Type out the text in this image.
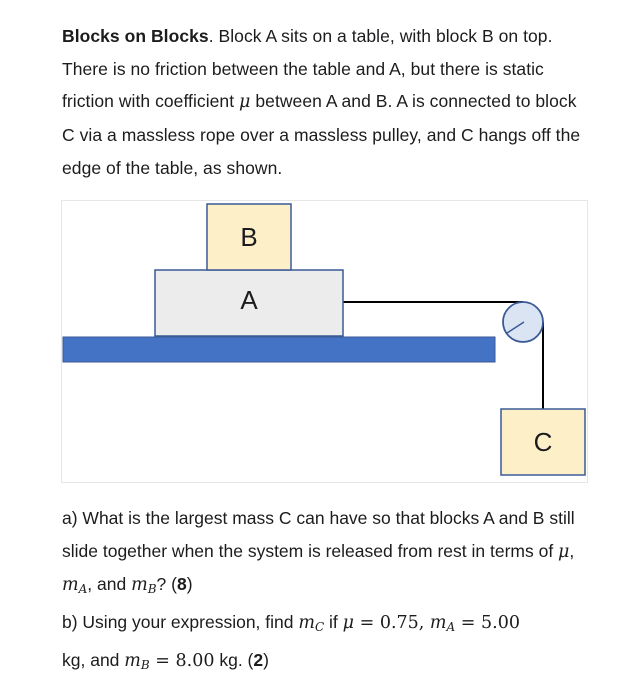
Blocks on Blocks. Block A sits on a table, with block B on top. There is no friction between the table and A, but there is static friction with coefficient μ between A and B. A is connected to block C via a massless rope over a massless pulley, and C hangs off the edge of the table, as shown.
A
B
C
a) What is the largest mass C can have so that blocks A and B still slide together when the system is released from rest in terms of μ, $m_A$, and $m_B$? (8)
b) Using your expression, find $m_C$ if μ = 0.75, $m_A = 5.00$
kg, and $m_B = 8.00$ kg. (2)
